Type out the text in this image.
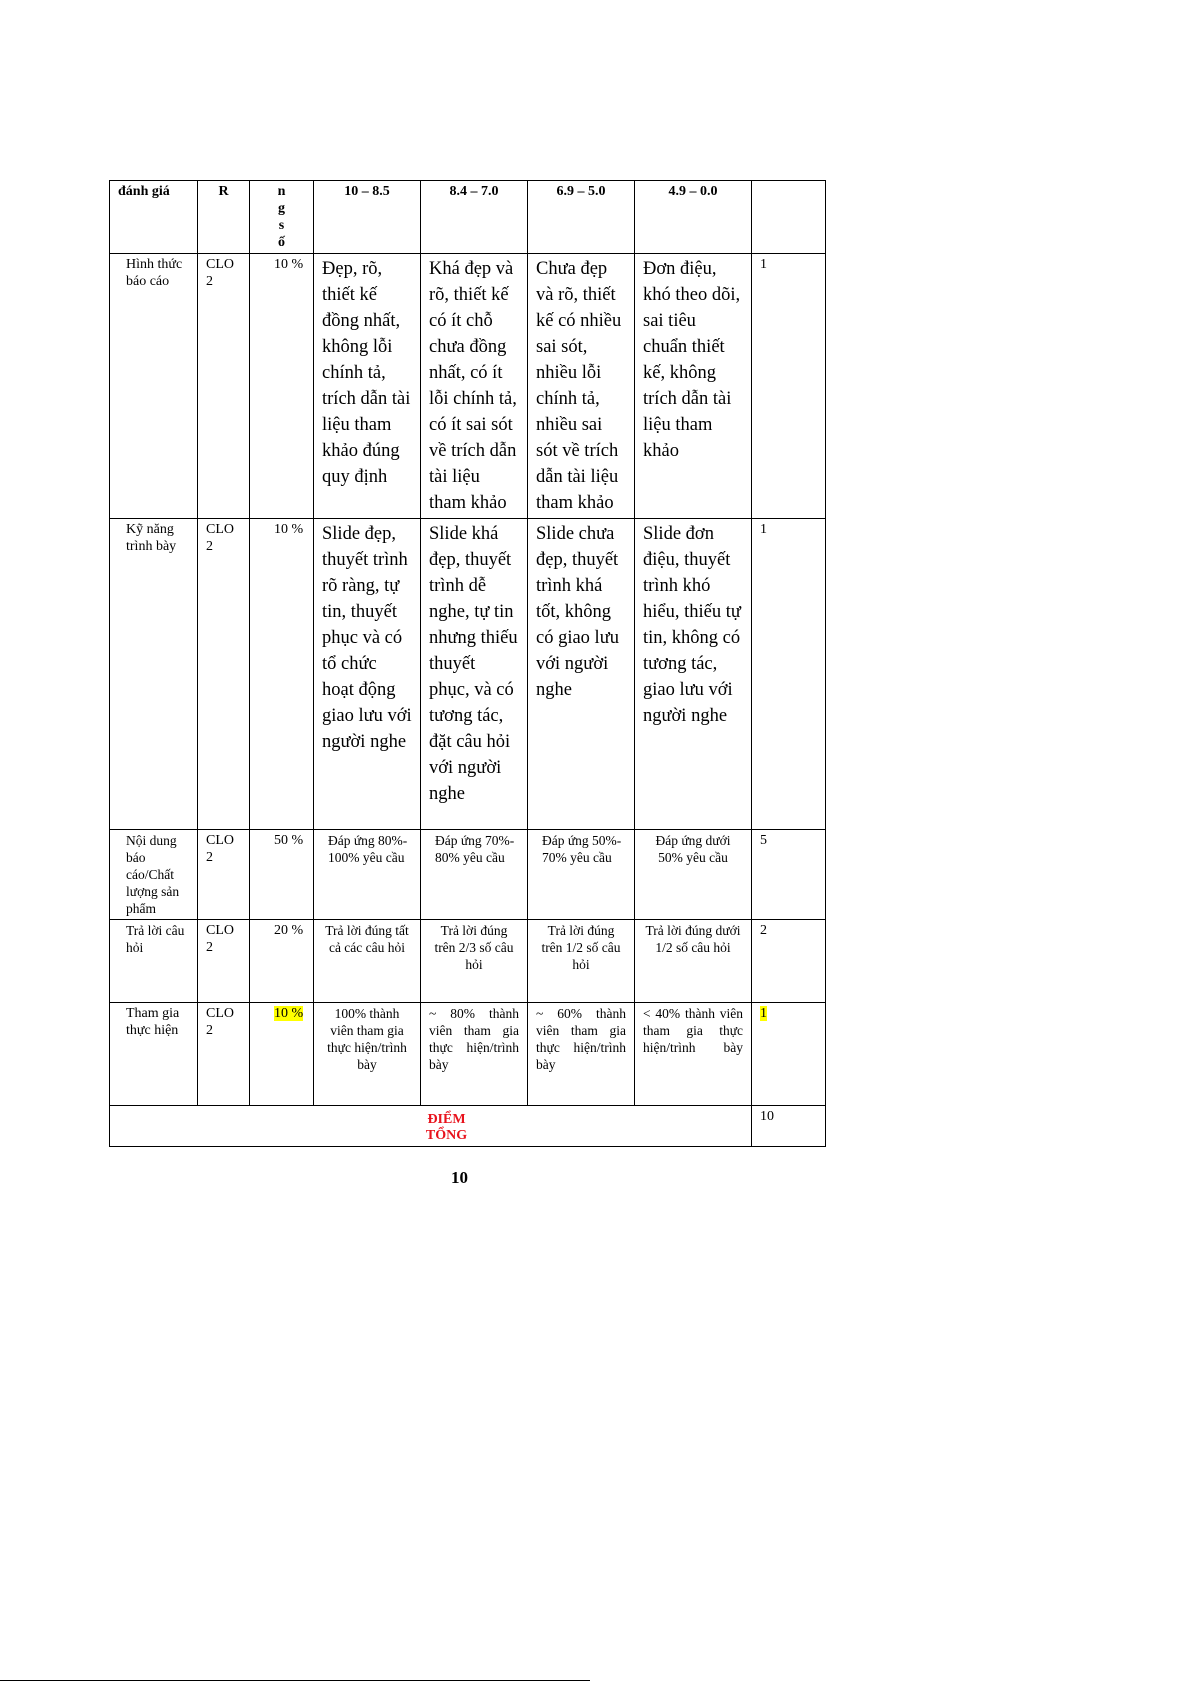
đánh giá	R	ngsố	10 – 8.5	8.4 – 7.0	6.9 – 5.0	4.9 – 0.0	
Hình thức báo cáo	CLO 2	10 %	Đẹp, rõ, thiết kế đồng nhất, không lỗi chính tả, trích dẫn tài liệu tham khảo đúng quy định	Khá đẹp và rõ, thiết kế có ít chỗ chưa đồng nhất, có ít lỗi chính tả, có ít sai sót về trích dẫn tài liệu tham khảo	Chưa đẹp và rõ, thiết kế có nhiều sai sót, nhiều lỗi chính tả, nhiều sai sót về trích dẫn tài liệu tham khảo	Đơn điệu, khó theo dõi, sai tiêu chuẩn thiết kế, không trích dẫn tài liệu tham khảo	1
Kỹ năng trình bày	CLO 2	10 %	Slide đẹp, thuyết trình rõ ràng, tự tin, thuyết phục và có tổ chức hoạt động giao lưu với người nghe	Slide khá đẹp, thuyết trình dễ nghe, tự tin nhưng thiếu thuyết phục, và có tương tác, đặt câu hỏi với người nghe	Slide chưa đẹp, thuyết trình khá tốt, không có giao lưu với người nghe	Slide đơn điệu, thuyết trình khó hiểu, thiếu tự tin, không có tương tác, giao lưu với người nghe	1
Nội dung báo cáo/Chất lượng sản phẩm	CLO 2	50 %	Đáp ứng 80%- 100% yêu cầu	Đáp ứng 70%- 80% yêu cầu	Đáp ứng 50%- 70% yêu cầu	Đáp ứng dưới 50% yêu cầu	5
Trả lời câu hỏi	CLO 2	20 %	Trả lời đúng tất cả các câu hỏi	Trả lời đúng trên 2/3 số câu hỏi	Trả lời đúng trên 1/2 số câu hỏi	Trả lời đúng dưới 1/2 số câu hỏi	2
Tham gia thực hiện	CLO 2	10 %	100% thành viên tham gia thực hiện/trình bày	~ 80% thành viên tham gia thực hiện/trình bày	~ 60% thành viên tham gia thực hiện/trình bày	< 40% thành viên tham gia thực hiện/trình bày	1

ĐIỂM TỔNG							10
10
